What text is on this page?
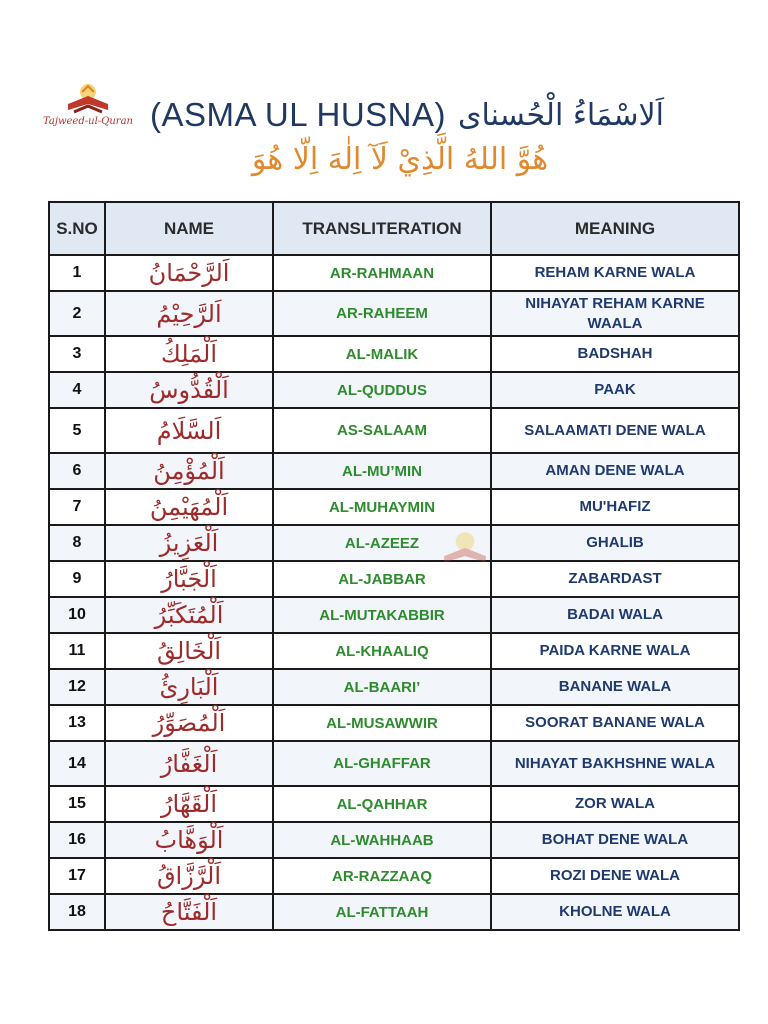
Tajweed-ul-Quran (ASMA UL HUSNA) اَلاسْمَاءُ الْحُسناى
هُوَّ اللهُ الَّذِيْ لَآ اِلٰهَ اِلّا هُوَ
S.NO	NAME	TRANSLITERATION	MEANING
1	اَلرَّحْمَانُ	AR-RAHMAAN	REHAM KARNE WALA
2	اَلرَّحِيْمُ	AR-RAHEEM	NIHAYAT REHAM KARNE WAALA
3	اَلْمَلِكُ	AL-MALIK	BADSHAH
4	اَلْقُدُّوسُ	AL-QUDDUS	PAAK
5	اَلسَّلَامُ	AS-SALAAM	SALAAMATI DENE WALA
6	اَلْمُؤْمِنُ	AL-MU’MIN	AMAN DENE WALA
7	اَلْمُهَيْمِنُ	AL-MUHAYMIN	MU'HAFIZ
8	اَلْعَزِيزُ	AL-AZEEZ	GHALIB
9	اَلْجَبَّارُ	AL-JABBAR	ZABARDAST
10	اَلْمُتَكَبِّرُ	AL-MUTAKABBIR	BADAI WALA
11	اَلْخَالِقُ	AL-KHAALIQ	PAIDA KARNE WALA
12	اَلْبَارِئُ	AL-BAARI’	BANANE WALA
13	اَلْمُصَوِّرُ	AL-MUSAWWIR	SOORAT BANANE WALA
14	اَلْغَفَّارُ	AL-GHAFFAR	NIHAYAT BAKHSHNE WALA
15	اَلْقَهَّارُ	AL-QAHHAR	ZOR WALA
16	اَلْوَهَّابُ	AL-WAHHAAB	BOHAT DENE WALA
17	اَلْرَّزَّاقُ	AR-RAZZAAQ	ROZI DENE WALA
18	اَلْفَتَّاحُ	AL-FATTAAH	KHOLNE WALA
